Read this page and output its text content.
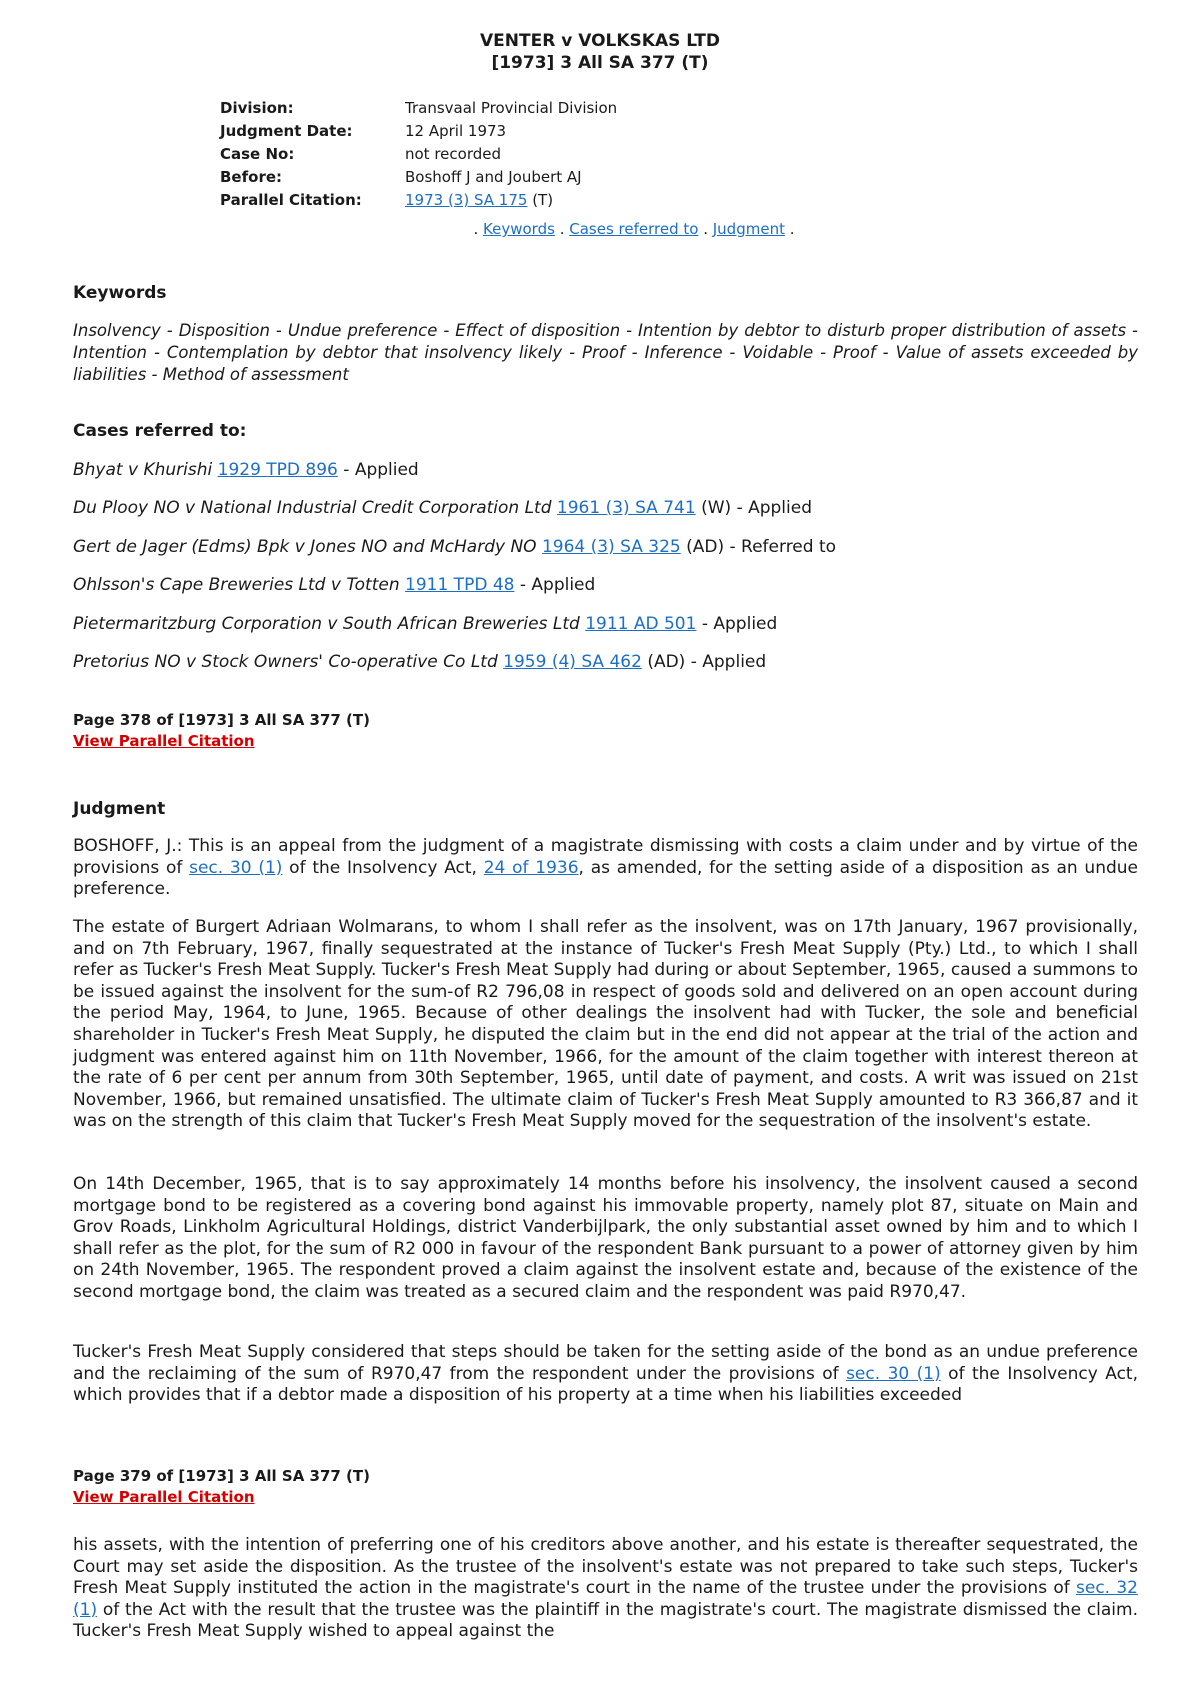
VENTER v VOLKSKAS LTD
[1973] 3 All SA 377 (T)
Division:	Transvaal Provincial Division
Judgment Date:	12 April 1973
Case No:	not recorded
Before:	Boshoff J and Joubert AJ
Parallel Citation:	1973 (3) SA 175 (T)
. Keywords . Cases referred to . Judgment .
Keywords
Insolvency - Disposition - Undue preference - Effect of disposition - Intention by debtor to disturb proper distribution of assets - Intention - Contemplation by debtor that insolvency likely - Proof - Inference - Voidable - Proof - Value of assets exceeded by liabilities - Method of assessment
Cases referred to:
Bhyat v Khurishi 1929 TPD 896 - Applied
Du Plooy NO v National Industrial Credit Corporation Ltd 1961 (3) SA 741 (W) - Applied
Gert de Jager (Edms) Bpk v Jones NO and McHardy NO 1964 (3) SA 325 (AD) - Referred to
Ohlsson's Cape Breweries Ltd v Totten 1911 TPD 48 - Applied
Pietermaritzburg Corporation v South African Breweries Ltd 1911 AD 501 - Applied
Pretorius NO v Stock Owners' Co-operative Co Ltd 1959 (4) SA 462 (AD) - Applied
Page 378 of [1973] 3 All SA 377 (T)
View Parallel Citation
Judgment
BOSHOFF, J.: This is an appeal from the judgment of a magistrate dismissing with costs a claim under and by virtue of the provisions of sec. 30 (1) of the Insolvency Act, 24 of 1936, as amended, for the setting aside of a disposition as an undue preference.
The estate of Burgert Adriaan Wolmarans, to whom I shall refer as the insolvent, was on 17th January, 1967 provisionally, and on 7th February, 1967, finally sequestrated at the instance of Tucker's Fresh Meat Supply (Pty.) Ltd., to which I shall refer as Tucker's Fresh Meat Supply. Tucker's Fresh Meat Supply had during or about September, 1965, caused a summons to be issued against the insolvent for the sum-of R2 796,08 in respect of goods sold and delivered on an open account during the period May, 1964, to June, 1965. Because of other dealings the insolvent had with Tucker, the sole and beneficial shareholder in Tucker's Fresh Meat Supply, he disputed the claim but in the end did not appear at the trial of the action and judgment was entered against him on 11th November, 1966, for the amount of the claim together with interest thereon at the rate of 6 per cent per annum from 30th September, 1965, until date of payment, and costs. A writ was issued on 21st November, 1966, but remained unsatisfied. The ultimate claim of Tucker's Fresh Meat Supply amounted to R3 366,87 and it was on the strength of this claim that Tucker's Fresh Meat Supply moved for the sequestration of the insolvent's estate.
On 14th December, 1965, that is to say approximately 14 months before his insolvency, the insolvent caused a second mortgage bond to be registered as a covering bond against his immovable property, namely plot 87, situate on Main and Grov Roads, Linkholm Agricultural Holdings, district Vanderbijlpark, the only substantial asset owned by him and to which I shall refer as the plot, for the sum of R2 000 in favour of the respondent Bank pursuant to a power of attorney given by him on 24th November, 1965. The respondent proved a claim against the insolvent estate and, because of the existence of the second mortgage bond, the claim was treated as a secured claim and the respondent was paid R970,47.
Tucker's Fresh Meat Supply considered that steps should be taken for the setting aside of the bond as an undue preference and the reclaiming of the sum of R970,47 from the respondent under the provisions of sec. 30 (1) of the Insolvency Act, which provides that if a debtor made a disposition of his property at a time when his liabilities exceeded
Page 379 of [1973] 3 All SA 377 (T)
View Parallel Citation
his assets, with the intention of preferring one of his creditors above another, and his estate is thereafter sequestrated, the Court may set aside the disposition. As the trustee of the insolvent's estate was not prepared to take such steps, Tucker's Fresh Meat Supply instituted the action in the magistrate's court in the name of the trustee under the provisions of sec. 32 (1) of the Act with the result that the trustee was the plaintiff in the magistrate's court. The magistrate dismissed the claim. Tucker's Fresh Meat Supply wished to appeal against the
